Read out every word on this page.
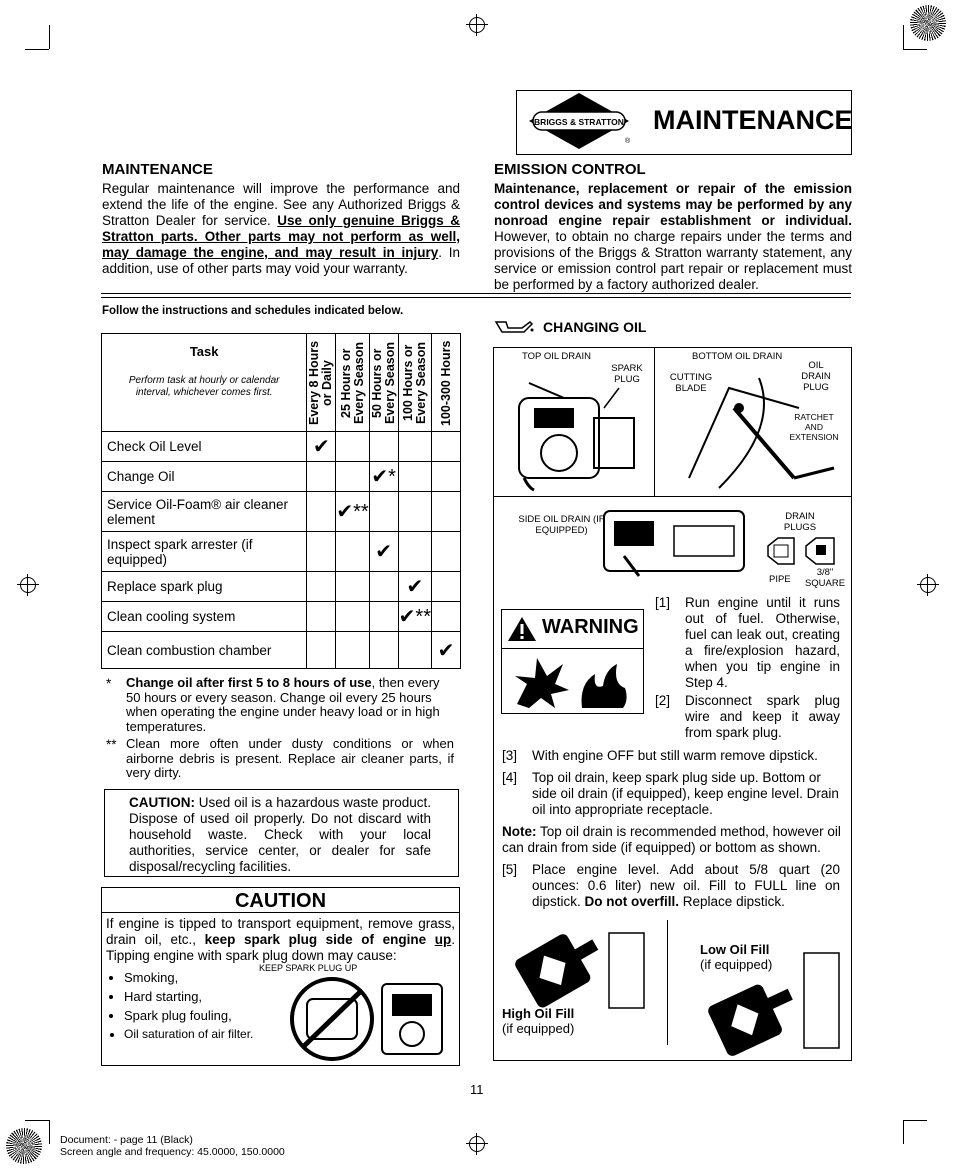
BRIGGS & STRATTON
®
MAINTENANCE
MAINTENANCE
Regular maintenance will improve the performance and extend the life of the engine. See any Authorized Briggs & Stratton Dealer for service. Use only genuine Briggs & Stratton parts. Other parts may not perform as well, may damage the engine, and may result in injury. In addition, use of other parts may void your warranty.
EMISSION CONTROL
Maintenance, replacement or repair of the emission control devices and systems may be performed by any nonroad engine repair establishment or individual. However, to obtain no charge repairs under the terms and provisions of the Briggs & Stratton warranty statement, any service or emission control part repair or replacement must be performed by a factory authorized dealer.
Follow the instructions and schedules indicated below.
Task
Perform task at hourly or calendar interval, whichever comes first.	Every 8 Hours or Daily	25 Hours or Every Season	50 Hours or Every Season	100 Hours or Every Season	100-300 Hours

Check Oil Level	✔				
Change Oil			✔*		
Service Oil-Foam® air cleaner element		✔**			
Inspect spark arrester (if equipped)			✔		
Replace spark plug				✔	
Clean cooling system				✔**	
Clean combustion chamber					✔
* Change oil after first 5 to 8 hours of use, then every 50 hours or every season. Change oil every 25 hours when operating the engine under heavy load or in high temperatures.
** Clean more often under dusty conditions or when airborne debris is present. Replace air cleaner parts, if very dirty.
CAUTION: Used oil is a hazardous waste product. Dispose of used oil properly. Do not discard with household waste. Check with your local authorities, service center, or dealer for safe disposal/recycling facilities.
CAUTION
If engine is tipped to transport equipment, remove grass, drain oil, etc., keep spark plug side of engine up. Tipping engine with spark plug down may cause:
• Smoking,
• Hard starting,
• Spark plug fouling,
• Oil saturation of air filter.
KEEP SPARK PLUG UP
CHANGING OIL
TOP OIL DRAIN
SPARK PLUG
BOTTOM OIL DRAIN
CUTTING BLADE
OIL DRAIN PLUG
RATCHET AND EXTENSION
SIDE OIL DRAIN (IF EQUIPPED)
DRAIN PLUGS
PIPE
3/8" SQUARE
WARNING
[1] Run engine until it runs out of fuel. Otherwise, fuel can leak out, creating a fire/explosion hazard, when you tip engine in Step 4.
[2] Disconnect spark plug wire and keep it away from spark plug.
[3] With engine OFF but still warm remove dipstick.
[4] Top oil drain, keep spark plug side up. Bottom or side oil drain (if equipped), keep engine level. Drain oil into appropriate receptacle.
Note: Top oil drain is recommended method, however oil can drain from side (if equipped) or bottom as shown.
[5] Place engine level. Add about 5/8 quart (20 ounces: 0.6 liter) new oil. Fill to FULL line on dipstick. Do not overfill. Replace dipstick.
High Oil Fill
(if equipped)
Low Oil Fill
(if equipped)
11
Document: - page 11 (Black)
Screen angle and frequency: 45.0000, 150.0000
